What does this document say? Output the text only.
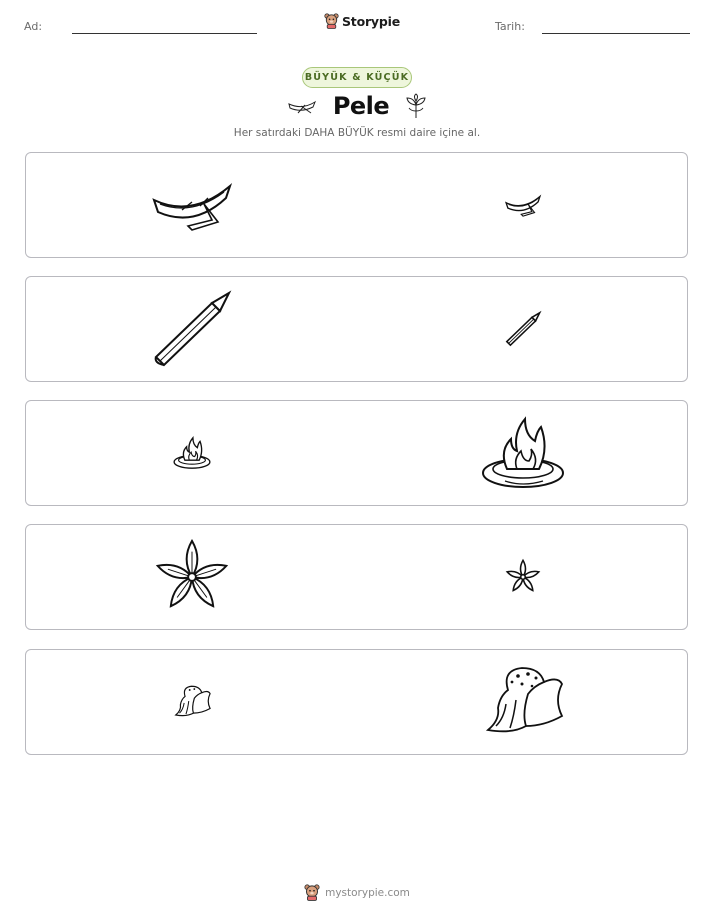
Ad:	Storypie	Tarih:
BÜYÜK & KÜÇÜK
Pele
Her satırdaki DAHA BÜYÜK resmi daire içine al.
mystorypie.com
